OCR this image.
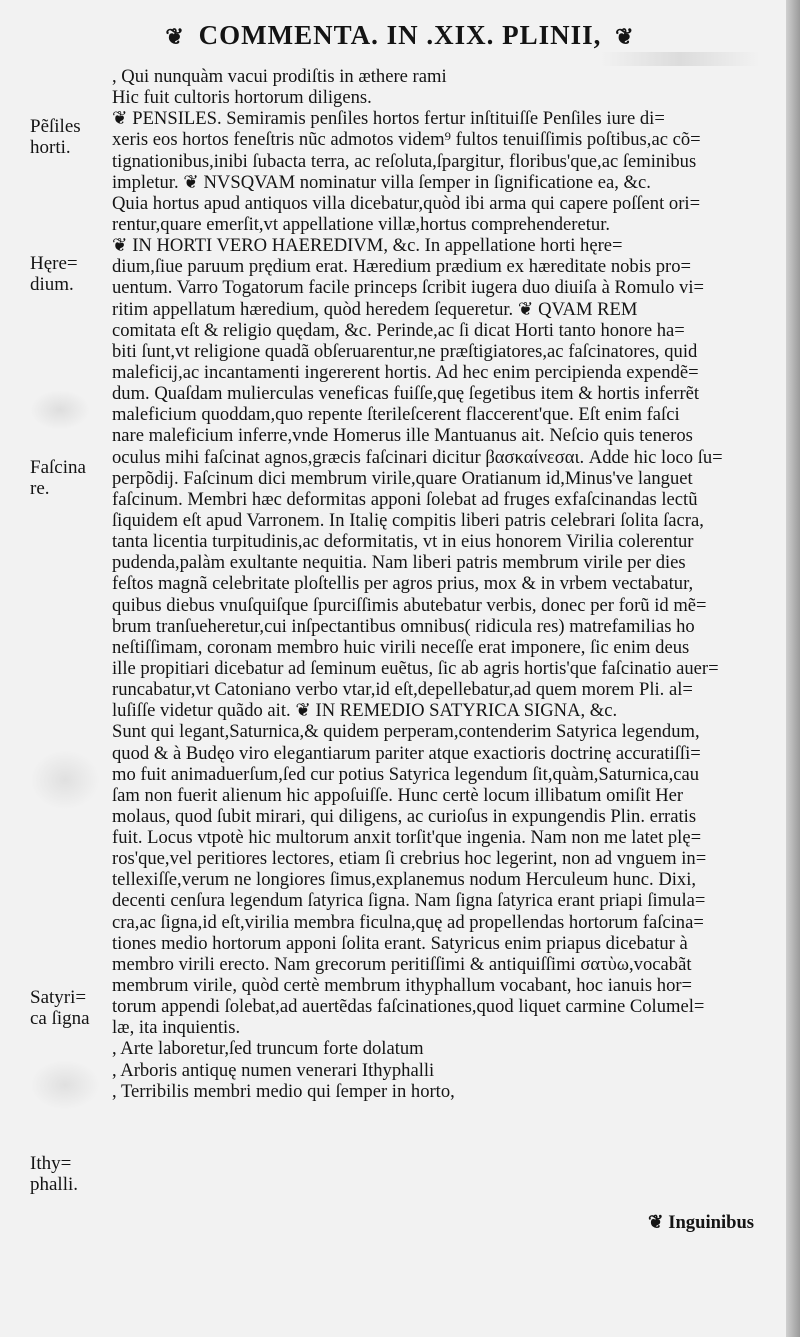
❦ COMMENTA. IN .XIX. PLINII, ❦
Pẽſiles
horti.
Hęre=
dium.
Faſcina
re.
Satyri=
ca ſigna
Ithy=
phalli.
, Qui nunquàm vacui prodiſtis in æthere rami
Hic fuit cultoris hortorum diligens.
❦ PENSILES. Semiramis penſiles hortos fertur inſtituiſſe Penſiles iure di=
xeris eos hortos feneſtris nũc admotos videm⁹ fultos tenuiſſimis poſtibus,ac cõ=
tignationibus,inibi ſubacta terra, ac reſoluta,ſpargitur, floribus'que,ac ſeminibus
impletur. ❦ NVSQVAM nominatur villa ſemper in ſignificatione ea, &c.
Quia hortus apud antiquos villa dicebatur,quòd ibi arma qui capere poſſent ori=
rentur,quare emerſit,vt appellatione villæ,hortus comprehenderetur.
❦ IN HORTI VERO HAEREDIVM, &c. In appellatione horti hęre=
dium,ſiue paruum prędium erat. Hæredium prædium ex hæreditate nobis pro=
uentum. Varro Togatorum facile princeps ſcribit iugera duo diuiſa à Romulo vi=
ritim appellatum hæredium, quòd heredem ſequeretur. ❦ QVAM REM
comitata eſt & religio quędam, &c. Perinde,ac ſi dicat Horti tanto honore ha=
biti ſunt,vt religione quadã obſeruarentur,ne præſtigiatores,ac faſcinatores, quid
maleficij,ac incantamenti ingererent hortis. Ad hec enim percipienda expendẽ=
dum. Quaſdam mulierculas veneficas fuiſſe,quę ſegetibus item & hortis inferrẽt
maleficium quoddam,quo repente ſterileſcerent flaccerent'que. Eſt enim faſci
nare maleficium inferre,vnde Homerus ille Mantuanus ait. Neſcio quis teneros
oculus mihi faſcinat agnos,græcis faſcinari dicitur βασκαίνεσαι. Adde hic loco ſu=
perpõdij. Faſcinum dici membrum virile,quare Oratianum id,Minus've languet
faſcinum. Membri hæc deformitas apponi ſolebat ad fruges exfaſcinandas lectũ
ſiquidem eſt apud Varronem. In Italię compitis liberi patris celebrari ſolita ſacra,
tanta licentia turpitudinis,ac deformitatis, vt in eius honorem Virilia colerentur
pudenda,palàm exultante nequitia. Nam liberi patris membrum virile per dies
feſtos magnã celebritate ploſtellis per agros prius, mox & in vrbem vectabatur,
quibus diebus vnuſquiſque ſpurciſſimis abutebatur verbis, donec per forũ id mẽ=
brum tranſueheretur,cui inſpectantibus omnibus( ridicula res) matrefamilias ho
neſtiſſimam, coronam membro huic virili neceſſe erat imponere, ſic enim deus
ille propitiari dicebatur ad ſeminum euẽtus, ſic ab agris hortis'que faſcinatio auer=
runcabatur,vt Catoniano verbo vtar,id eſt,depellebatur,ad quem morem Pli. al=
luſiſſe videtur quãdo ait. ❦ IN REMEDIO SATYRICA SIGNA, &c.
Sunt qui legant,Saturnica,& quidem perperam,contenderim Satyrica legendum,
quod & à Budęo viro elegantiarum pariter atque exactioris doctrinę accuratiſſi=
mo fuit animaduerſum,ſed cur potius Satyrica legendum ſit,quàm,Saturnica,cau
ſam non fuerit alienum hic appoſuiſſe. Hunc certè locum illibatum omiſit Her
molaus, quod ſubit mirari, qui diligens, ac curioſus in expungendis Plin. erratis
fuit. Locus vtpotè hic multorum anxit torſit'que ingenia. Nam non me latet plę=
ros'que,vel peritiores lectores, etiam ſi crebrius hoc legerint, non ad vnguem in=
tellexiſſe,verum ne longiores ſimus,explanemus nodum Herculeum hunc. Dixi,
decenti cenſura legendum ſatyrica ſigna. Nam ſigna ſatyrica erant priapi ſimula=
cra,ac ſigna,id eſt,virilia membra ficulna,quę ad propellendas hortorum faſcina=
tiones medio hortorum apponi ſolita erant. Satyricus enim priapus dicebatur à
membro virili erecto. Nam grecorum peritiſſimi & antiquiſſimi σατὺω,vocabãt
membrum virile, quòd certè membrum ithyphallum vocabant, hoc ianuis hor=
torum appendi ſolebat,ad auertẽdas faſcinationes,quod liquet carmine Columel=
læ, ita inquientis.
, Arte laboretur,ſed truncum forte dolatum
, Arboris antiquę numen venerari Ithyphalli
, Terribilis membri medio qui ſemper in horto,
❦ Inguinibus
